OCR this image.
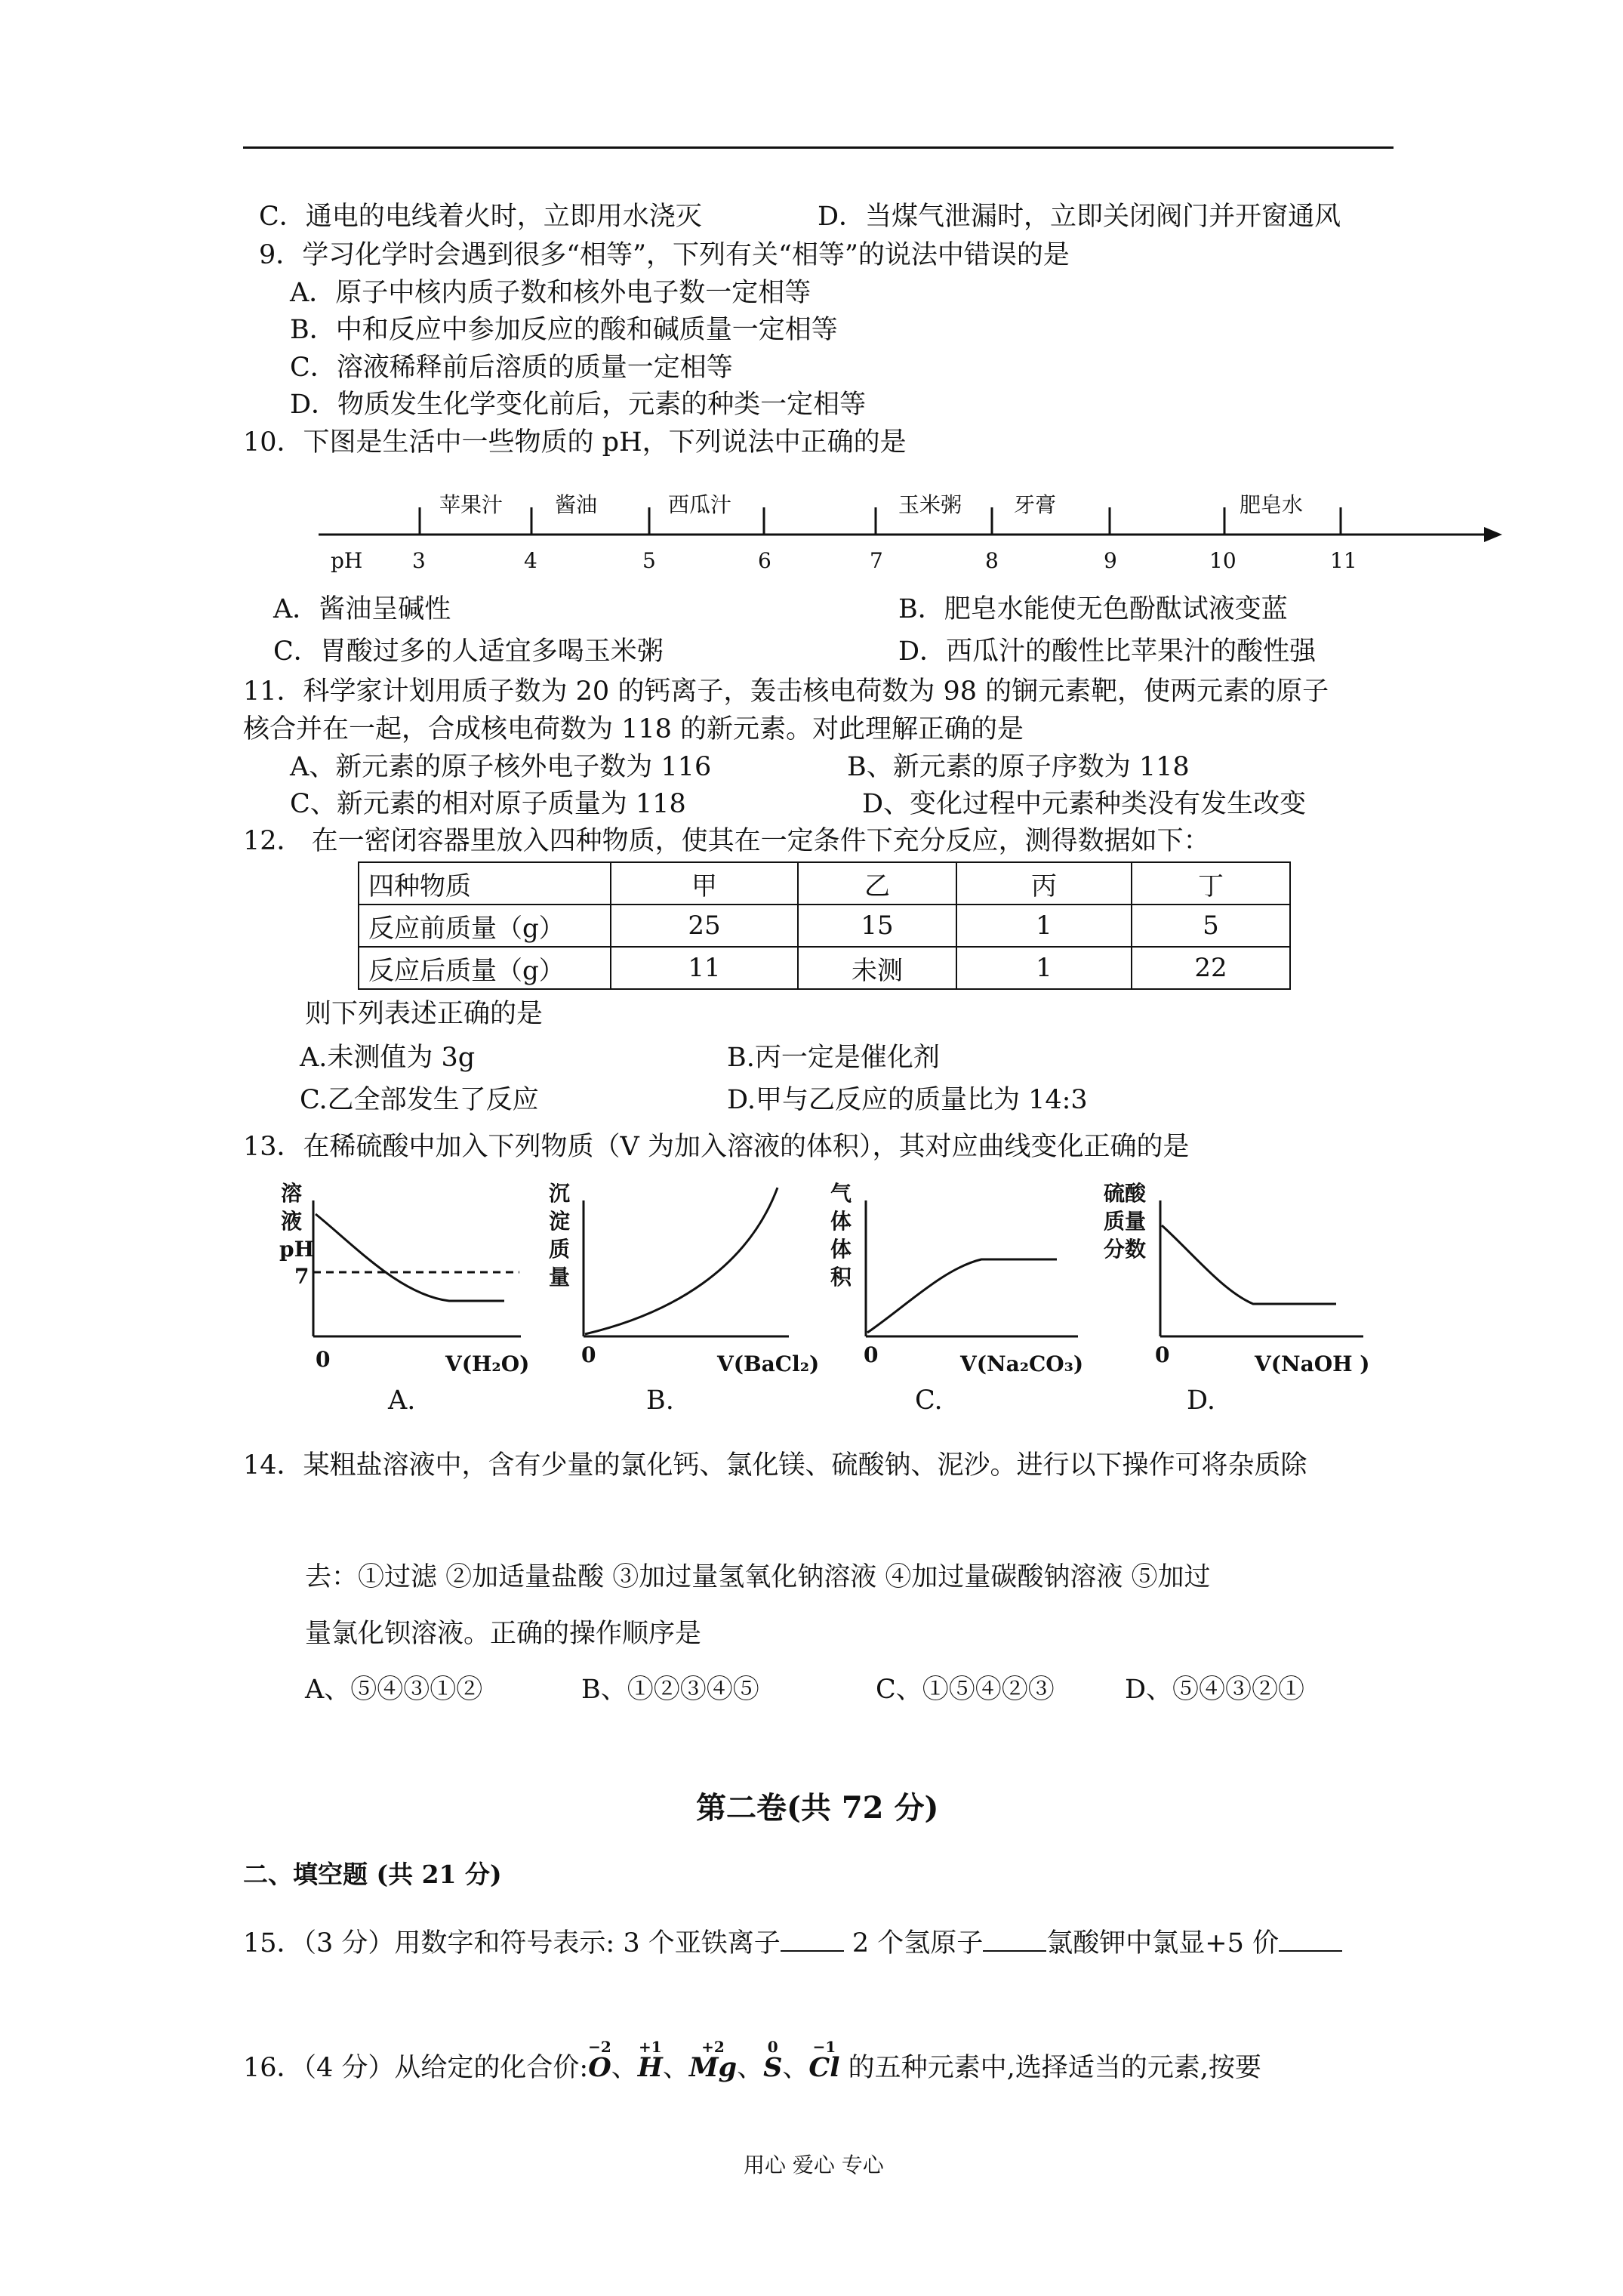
C．通电的电线着火时，立即用水浇灭	D．当煤气泄漏时，立即关闭阀门并开窗通风
9．学习化学时会遇到很多“相等”，下列有关“相等”的说法中错误的是
A．原子中核内质子数和核外电子数一定相等
B．中和反应中参加反应的酸和碱质量一定相等
C．溶液稀释前后溶质的质量一定相等
D．物质发生化学变化前后，元素的种类一定相等
10．下图是生活中一些物质的 pH，下列说法中正确的是
pH 3	4	5	6	7	8	9	10	11
苹果汁 酱油	西瓜汁	玉米粥 牙膏	肥皂水
A．酱油呈碱性	B．肥皂水能使无色酚酞试液变蓝
C．胃酸过多的人适宜多喝玉米粥	D．西瓜汁的酸性比苹果汁的酸性强
11．科学家计划用质子数为 20 的钙离子，轰击核电荷数为 98 的锎元素靶，使两元素的原子
核合并在一起，合成核电荷数为 118 的新元素。对此理解正确的是
A、新元素的原子核外电子数为 116	B、新元素的原子序数为 118
C、新元素的相对原子质量为 118	D、变化过程中元素种类没有发生改变
12． 在一密闭容器里放入四种物质，使其在一定条件下充分反应，测得数据如下：
四种物质	甲	乙	丙	丁
反应前质量（g）	25	15	1	5
反应后质量（g）	11	未测	1	22
则下列表述正确的是
A.未测值为 3g	B.丙一定是催化剂
C.乙全部发生了反应	D.甲与乙反应的质量比为 14:3
13．在稀硫酸中加入下列物质（V 为加入溶液的体积），其对应曲线变化正确的是
溶
液
pH
7
0	V(H₂O)
A.
沉
淀
质
量
0	V(BaCl₂)
B.
气
体
体
积
0	V(Na₂CO₃)
C.
硫酸
质量
分数
0	V(NaOH )
D.
14．某粗盐溶液中，含有少量的氯化钙、氯化镁、硫酸钠、泥沙。进行以下操作可将杂质除
去：①过滤 ②加适量盐酸 ③加过量氢氧化钠溶液 ④加过量碳酸钠溶液 ⑤加过
量氯化钡溶液。正确的操作顺序是
A、⑤④③①②	B、①②③④⑤	C、①⑤④②③	D、⑤④③②①
第二卷(共 72 分)
二、填空题 (共 21 分)
15．（3 分）用数字和符号表示: 3 个亚铁离子 2 个氢原子 氯酸钾中氯显+5 价
16．（4 分）从给定的化合价:
−2
O、
+1
H、
+2
Mg、
0
S、
−1
Cl 的五种元素中,选择适当的元素,按要
用心 爱心 专心
